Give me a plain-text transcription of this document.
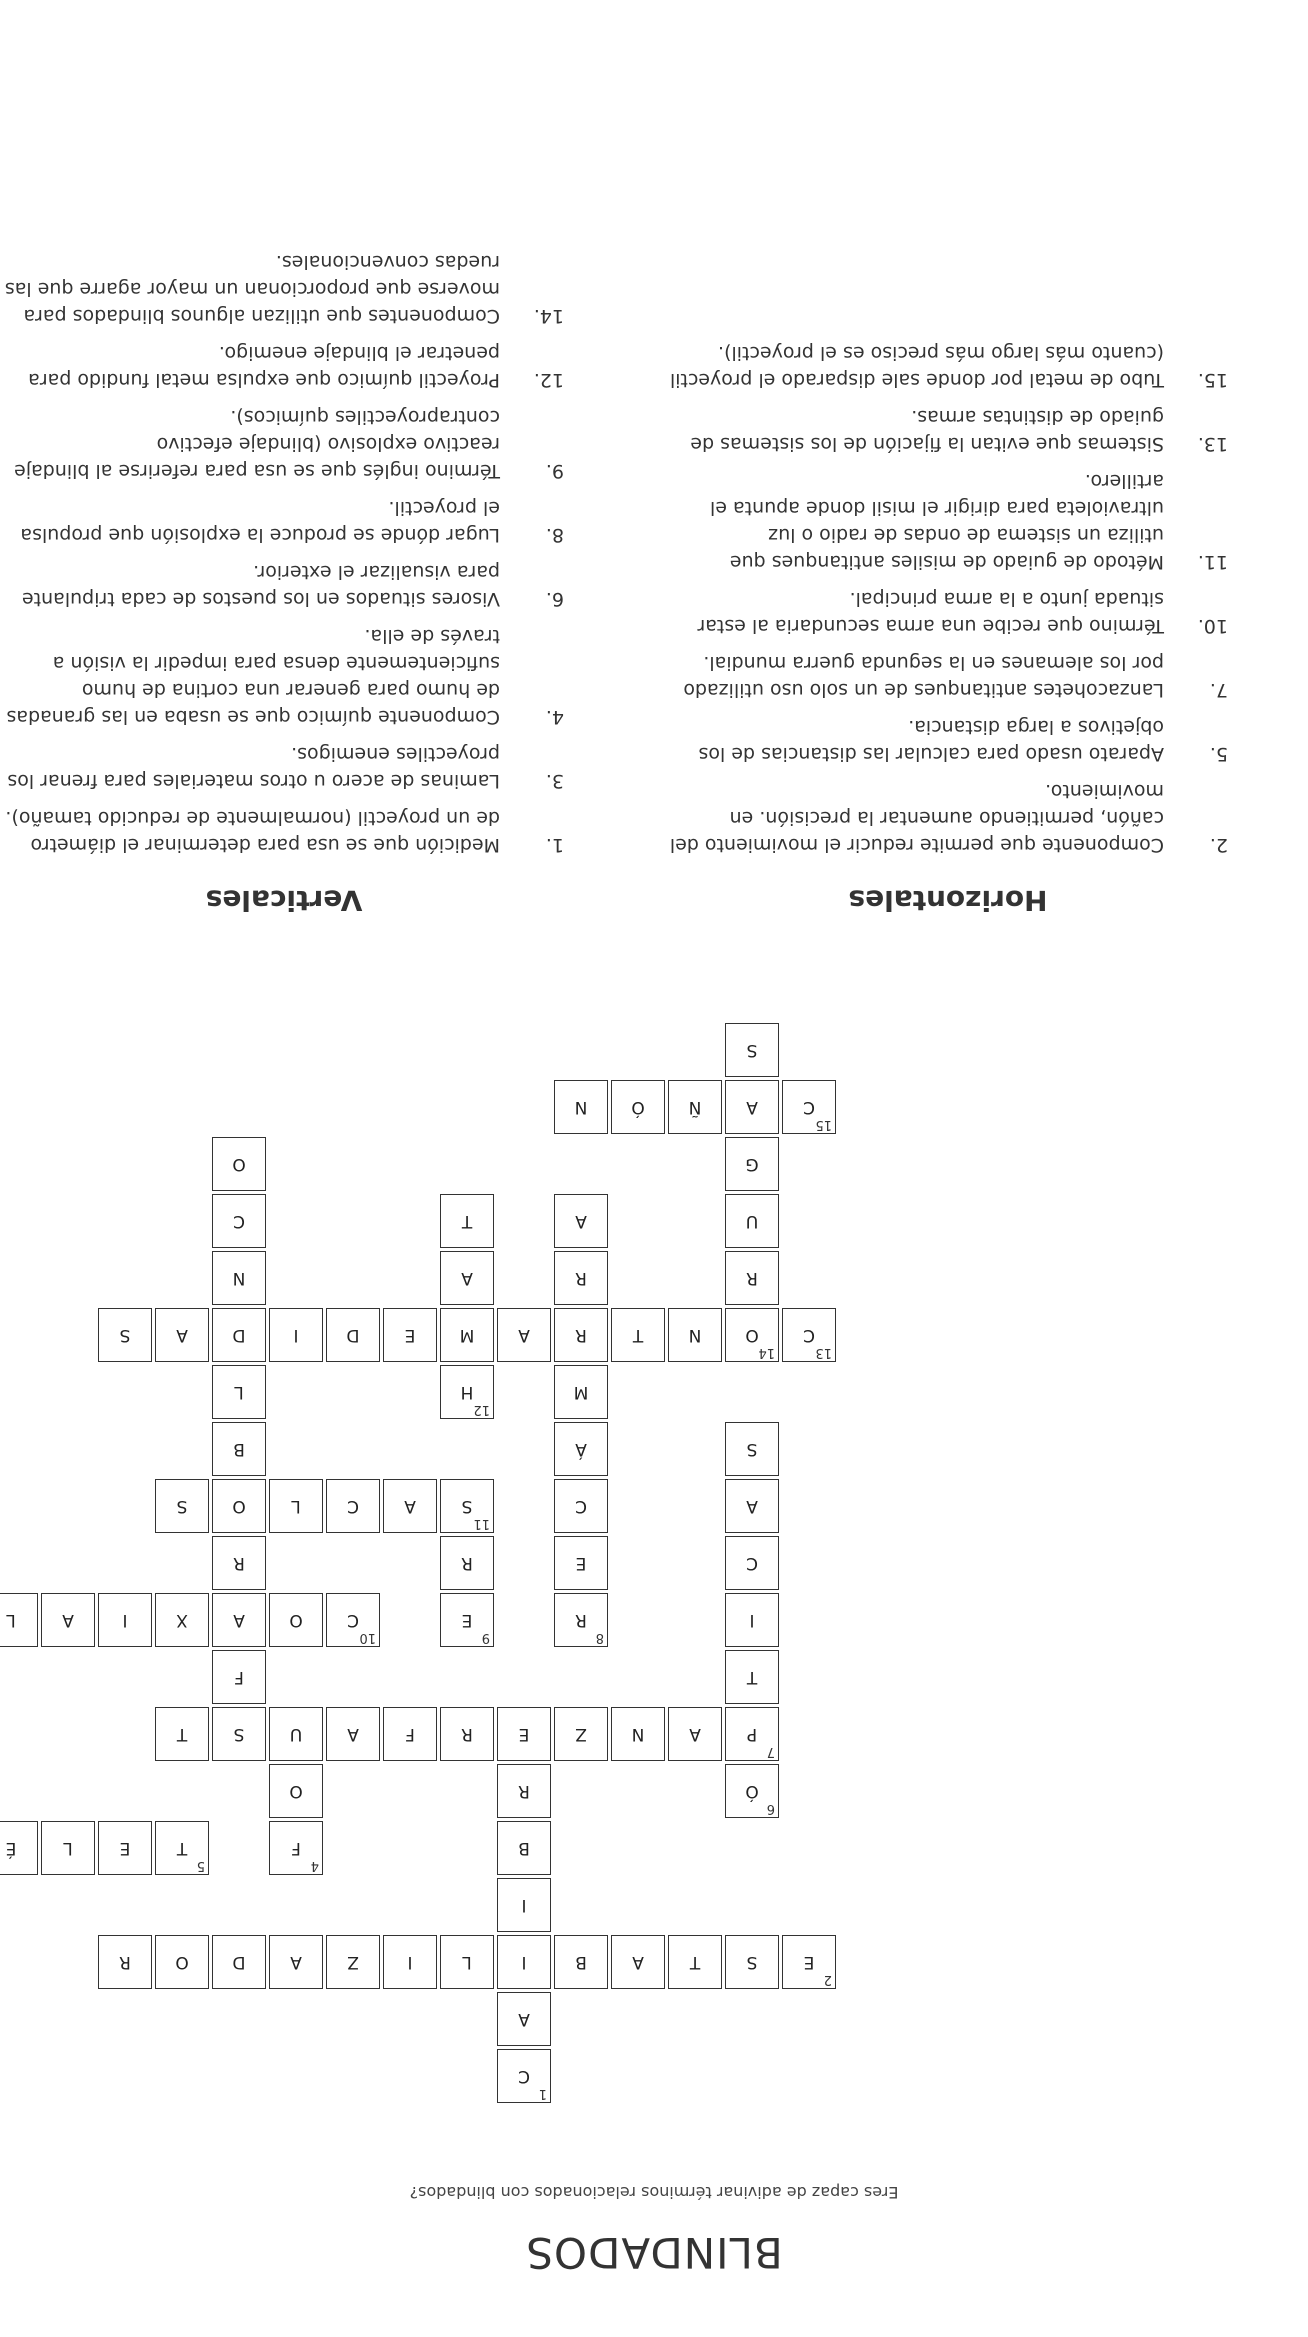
BLINDADOS

Eres capaz de adivinar términos relacionados con blindados?

1
C
A
2
E
S
T
A
B
I
L
I
Z
A
D
O
R
I
B
4
F
5
T
E
L
É
6
Ó
R
O
7
P
A
N
Z
E
R
F
A
U
S
T
T
F
I
8
R
9
E
10
C
O
A
X
I
A
L
C
E
R
R
A
C
11
S
A
C
L
O
S
S
Á
B
M
12
H
L
13
C
14
O
N
T
R
A
M
E
D
I
D
A
S
R
R
A
N
U
A
T
C
G
O
15
C
A
Ñ
Ó
N
S
Horizontales
2.
Componente que permite reducir el movimiento del cañón, permitiendo aumentar la precisión. en movimiento.
5.
Aparato usado para calcular las distancias de los objetivos a larga distancia.
7.
Lanzacohetes antitanques de un solo uso utilizado por los alemanes en la segunda guerra mundial.
10.
Término que recibe una arma secundaria al estar situada junto a la arma principal.
11.
Método de guiado de misiles antitanques que utiliza un sistema de ondas de radio o luz ultravioleta para dirigir el misil donde apunta el artillero.
13.
Sistemas que evitan la fijación de los sistemas de guiado de distintas armas.
15.
Tubo de metal por donde sale disparado el proyectil (cuanto más largo más preciso es el proyectil).
Verticales
1.
Medición que se usa para determinar el diámetro de un proyectil (normalmente de reducido tamaño).
3.
Laminas de acero u otros materiales para frenar los proyectiles enemigos.
4.
Componente químico que se usaba en las granadas de humo para generar una cortina de humo suficientemente densa para impedir la visión a través de ella.
6.
Visores situados en los puestos de cada tripulante para visualizar el exterior.
8.
Lugar dónde se produce la explosión que propulsa el proyectil.
9.
Término inglés que se usa para referirse al blindaje reactivo explosivo (blindaje efectivo contraproyectiles químicos).
12.
Proyectil químico que expulsa metal fundido para penetrar el blindaje enemigo.
14.
Componentes que utilizan algunos blindados para moverse que proporcionan un mayor agarre que las ruedas convencionales.
